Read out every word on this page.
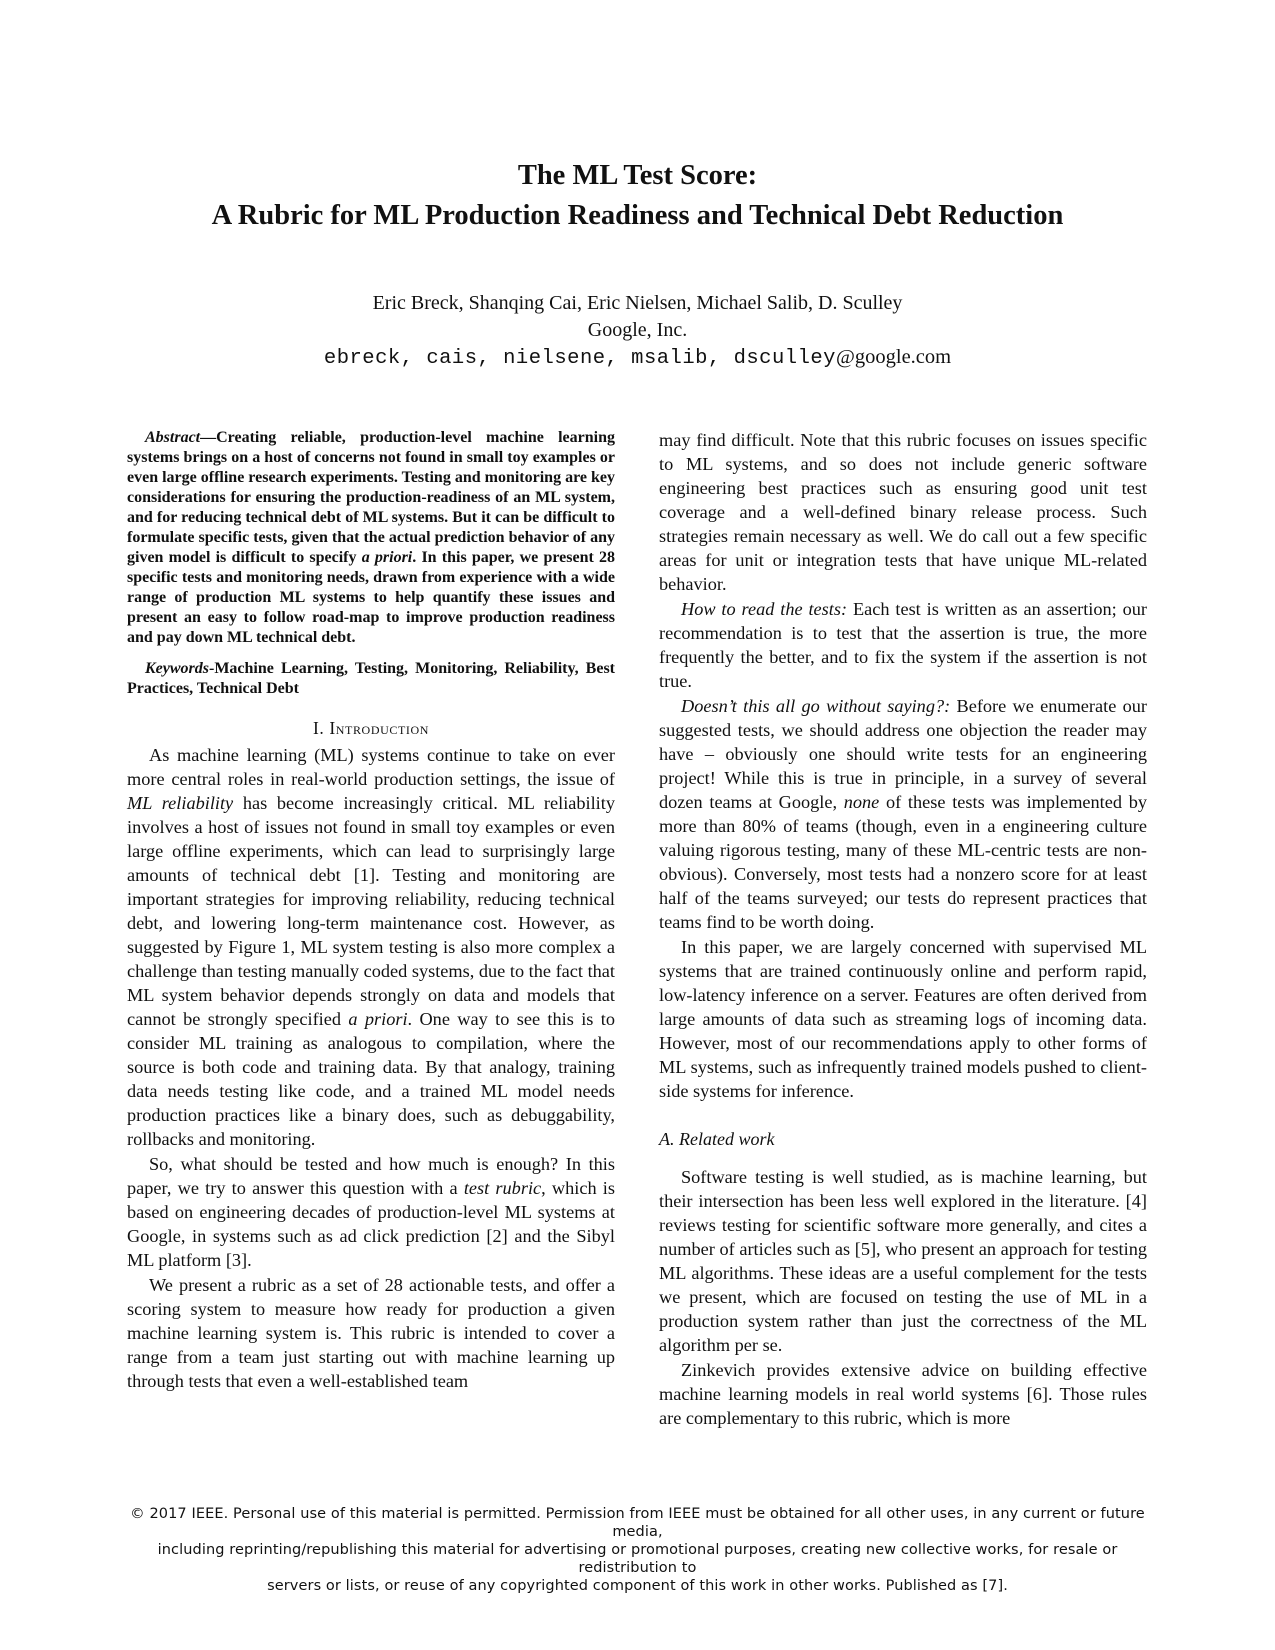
The ML Test Score:
A Rubric for ML Production Readiness and Technical Debt Reduction
Eric Breck, Shanqing Cai, Eric Nielsen, Michael Salib, D. Sculley
Google, Inc.
ebreck, cais, nielsene, msalib, dsculley@google.com

Abstract—Creating reliable, production-level machine learning systems brings on a host of concerns not found in small toy examples or even large offline research experiments. Testing and monitoring are key considerations for ensuring the production-readiness of an ML system, and for reducing technical debt of ML systems. But it can be difficult to formulate specific tests, given that the actual prediction behavior of any given model is difficult to specify a priori. In this paper, we present 28 specific tests and monitoring needs, drawn from experience with a wide range of production ML systems to help quantify these issues and present an easy to follow road-map to improve production readiness and pay down ML technical debt.

Keywords-Machine Learning, Testing, Monitoring, Reliability, Best Practices, Technical Debt

I. Introduction

As machine learning (ML) systems continue to take on ever more central roles in real-world production settings, the issue of ML reliability has become increasingly critical. ML reliability involves a host of issues not found in small toy examples or even large offline experiments, which can lead to surprisingly large amounts of technical debt [1]. Testing and monitoring are important strategies for improving reliability, reducing technical debt, and lowering long-term maintenance cost. However, as suggested by Figure 1, ML system testing is also more complex a challenge than testing manually coded systems, due to the fact that ML system behavior depends strongly on data and models that cannot be strongly specified a priori. One way to see this is to consider ML training as analogous to compilation, where the source is both code and training data. By that analogy, training data needs testing like code, and a trained ML model needs production practices like a binary does, such as debuggability, rollbacks and monitoring.

So, what should be tested and how much is enough? In this paper, we try to answer this question with a test rubric, which is based on engineering decades of production-level ML systems at Google, in systems such as ad click prediction [2] and the Sibyl ML platform [3].

We present a rubric as a set of 28 actionable tests, and offer a scoring system to measure how ready for production a given machine learning system is. This rubric is intended to cover a range from a team just starting out with machine learning up through tests that even a well-established team

may find difficult. Note that this rubric focuses on issues specific to ML systems, and so does not include generic software engineering best practices such as ensuring good unit test coverage and a well-defined binary release process. Such strategies remain necessary as well. We do call out a few specific areas for unit or integration tests that have unique ML-related behavior.

How to read the tests: Each test is written as an assertion; our recommendation is to test that the assertion is true, the more frequently the better, and to fix the system if the assertion is not true.

Doesn’t this all go without saying?: Before we enumerate our suggested tests, we should address one objection the reader may have – obviously one should write tests for an engineering project! While this is true in principle, in a survey of several dozen teams at Google, none of these tests was implemented by more than 80% of teams (though, even in a engineering culture valuing rigorous testing, many of these ML-centric tests are non-obvious). Conversely, most tests had a nonzero score for at least half of the teams surveyed; our tests do represent practices that teams find to be worth doing.

In this paper, we are largely concerned with supervised ML systems that are trained continuously online and perform rapid, low-latency inference on a server. Features are often derived from large amounts of data such as streaming logs of incoming data. However, most of our recommendations apply to other forms of ML systems, such as infrequently trained models pushed to client-side systems for inference.

A. Related work

Software testing is well studied, as is machine learning, but their intersection has been less well explored in the literature. [4] reviews testing for scientific software more generally, and cites a number of articles such as [5], who present an approach for testing ML algorithms. These ideas are a useful complement for the tests we present, which are focused on testing the use of ML in a production system rather than just the correctness of the ML algorithm per se.

Zinkevich provides extensive advice on building effective machine learning models in real world systems [6]. Those rules are complementary to this rubric, which is more

© 2017 IEEE. Personal use of this material is permitted. Permission from IEEE must be obtained for all other uses, in any current or future media,
including reprinting/republishing this material for advertising or promotional purposes, creating new collective works, for resale or redistribution to
servers or lists, or reuse of any copyrighted component of this work in other works. Published as [7].
